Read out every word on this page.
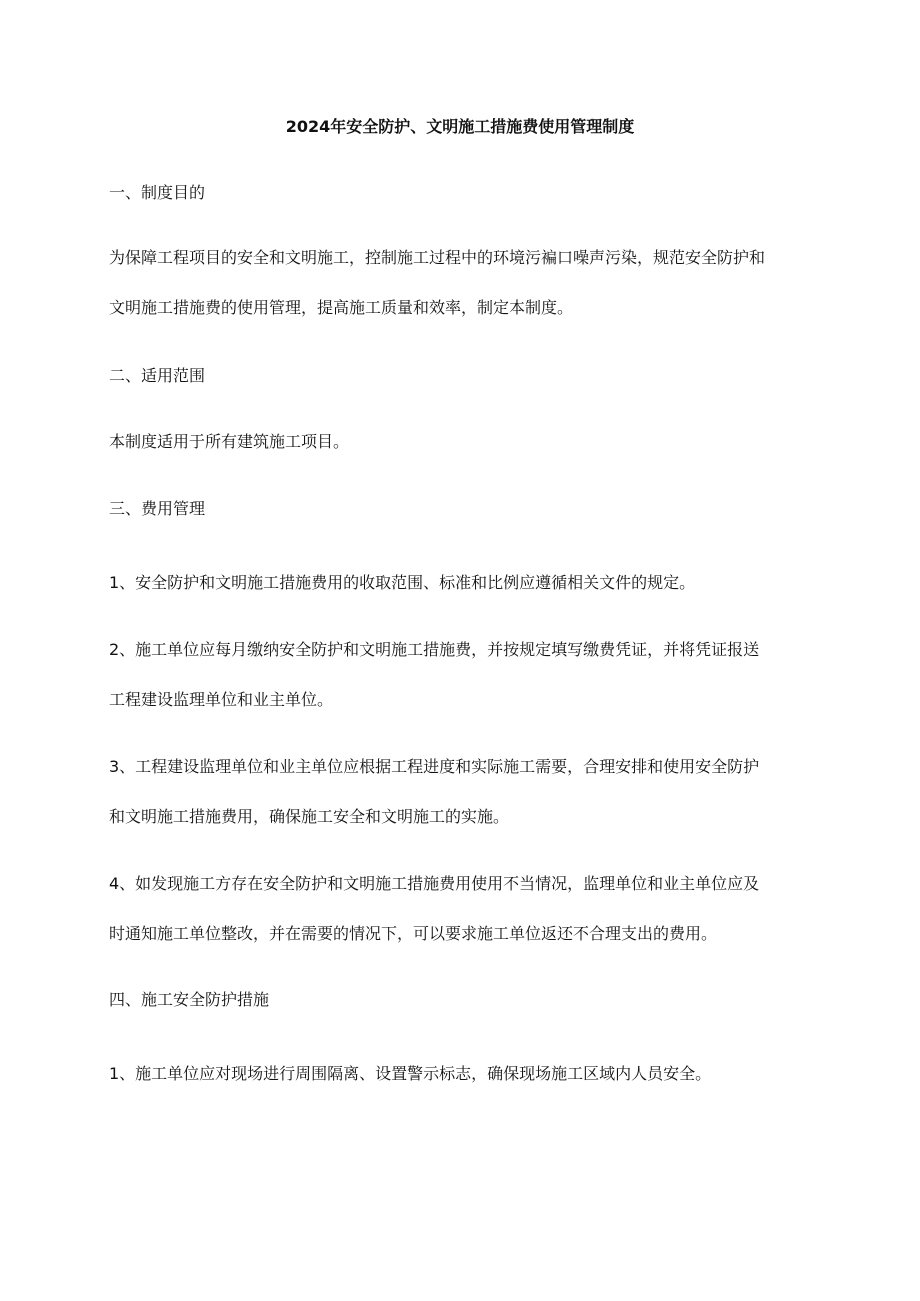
2024年安全防护、文明施工措施费使用管理制度
一、制度目的
为保障工程项目的安全和文明施工，控制施工过程中的环境污褊口噪声污染，规范安全防护和
文明施工措施费的使用管理，提高施工质量和效率，制定本制度。
二、适用范围
本制度适用于所有建筑施工项目。
三、费用管理
1、安全防护和文明施工措施费用的收取范围、标准和比例应遵循相关文件的规定。
2、施工单位应每月缴纳安全防护和文明施工措施费，并按规定填写缴费凭证，并将凭证报送
工程建设监理单位和业主单位。
3、工程建设监理单位和业主单位应根据工程进度和实际施工需要，合理安排和使用安全防护
和文明施工措施费用，确保施工安全和文明施工的实施。
4、如发现施工方存在安全防护和文明施工措施费用使用不当情况，监理单位和业主单位应及
时通知施工单位整改，并在需要的情况下，可以要求施工单位返还不合理支出的费用。
四、施工安全防护措施
1、施工单位应对现场进行周围隔离、设置警示标志，确保现场施工区域内人员安全。
